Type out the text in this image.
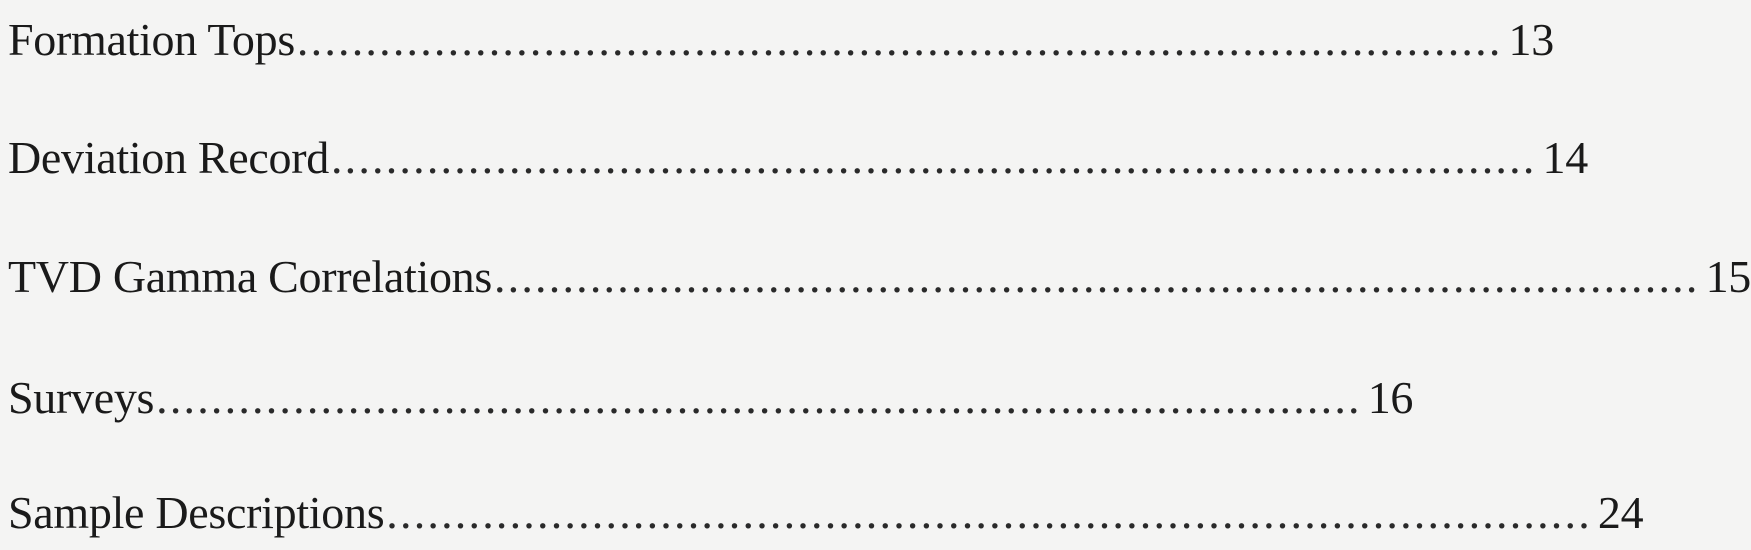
Formation Tops ........................................................................................ 13
Deviation Record ........................................................................................ 14
TVD Gamma Correlations ........................................................................................ 15
Surveys ........................................................................................ 16
Sample Descriptions ........................................................................................ 24
